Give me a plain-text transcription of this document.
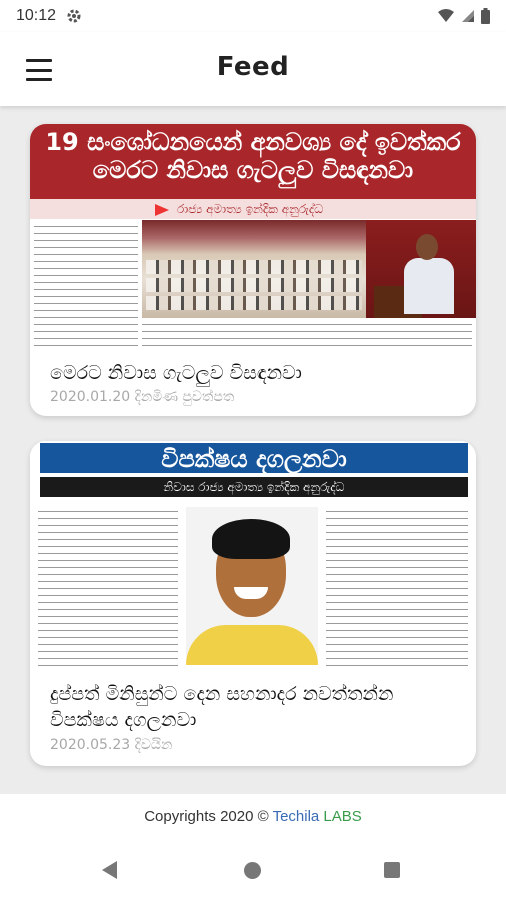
10:12
Feed
19 සංශෝධනයෙන් අනවශ්‍ය දේ ඉවත්කර
මෙරට නිවාස ගැටලුව විසඳනවා
රාජ්‍ය අමාත්‍ය ඉන්දික අනුරුද්ධ
මෙරට නිවාස ගැටලුව විසඳනවා
2020.01.20 දිනමිණ පුවත්පත
විපක්ෂය දගලනවා
නිවාස රාජ්‍ය අමාත්‍ය ඉන්දික අනුරුද්ධ
දුප්පත් මිනිසුන්ට දෙන සහනාදර නවත්තන්න විපක්ෂය දගලනවා
2020.05.23 දිවයින
Copyrights 2020 © Techila LABS
